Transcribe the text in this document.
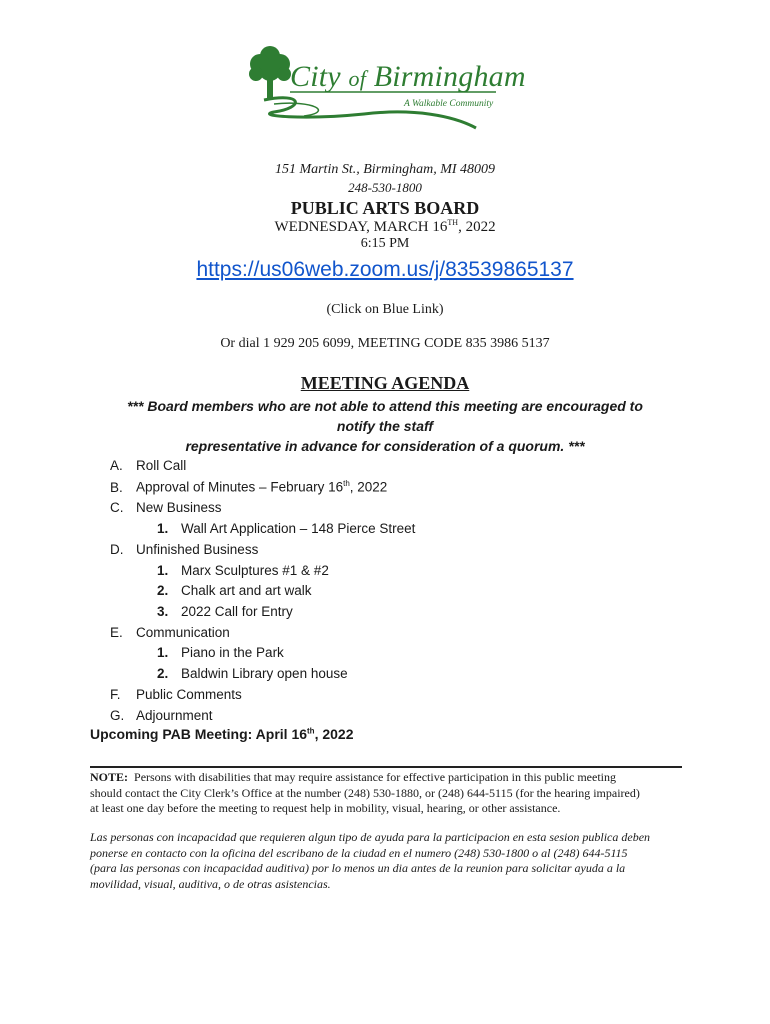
City of Birmingham
A Walkable Community
151 Martin St., Birmingham, MI 48009
248-530-1800
PUBLIC ARTS BOARD
WEDNESDAY, MARCH 16TH, 2022
6:15 PM
https://us06web.zoom.us/j/83539865137
(Click on Blue Link)
Or dial 1 929 205 6099, MEETING CODE 835 3986 5137
MEETING AGENDA
*** Board members who are not able to attend this meeting are encouraged to
notify the staff
representative in advance for consideration of a quorum. ***
A. Roll Call
B. Approval of Minutes – February 16th, 2022
C. New Business
1. Wall Art Application – 148 Pierce Street
D. Unfinished Business
1. Marx Sculptures #1 & #2
2. Chalk art and art walk
3. 2022 Call for Entry
E. Communication
1. Piano in the Park
2. Baldwin Library open house
F. Public Comments
G. Adjournment
Upcoming PAB Meeting: April 16th, 2022

NOTE: Persons with disabilities that may require assistance for effective participation in this public meeting

should contact the City Clerk’s Office at the number (248) 530-1880, or (248) 644-5115 (for the hearing impaired)

at least one day before the meeting to request help in mobility, visual, hearing, or other assistance.

Las personas con incapacidad que requieren algun tipo de ayuda para la participacion en esta sesion publica deben

ponerse en contacto con la oficina del escribano de la ciudad en el numero (248) 530-1800 o al (248) 644-5115

(para las personas con incapacidad auditiva) por lo menos un dia antes de la reunion para solicitar ayuda a la

movilidad, visual, auditiva, o de otras asistencias.
